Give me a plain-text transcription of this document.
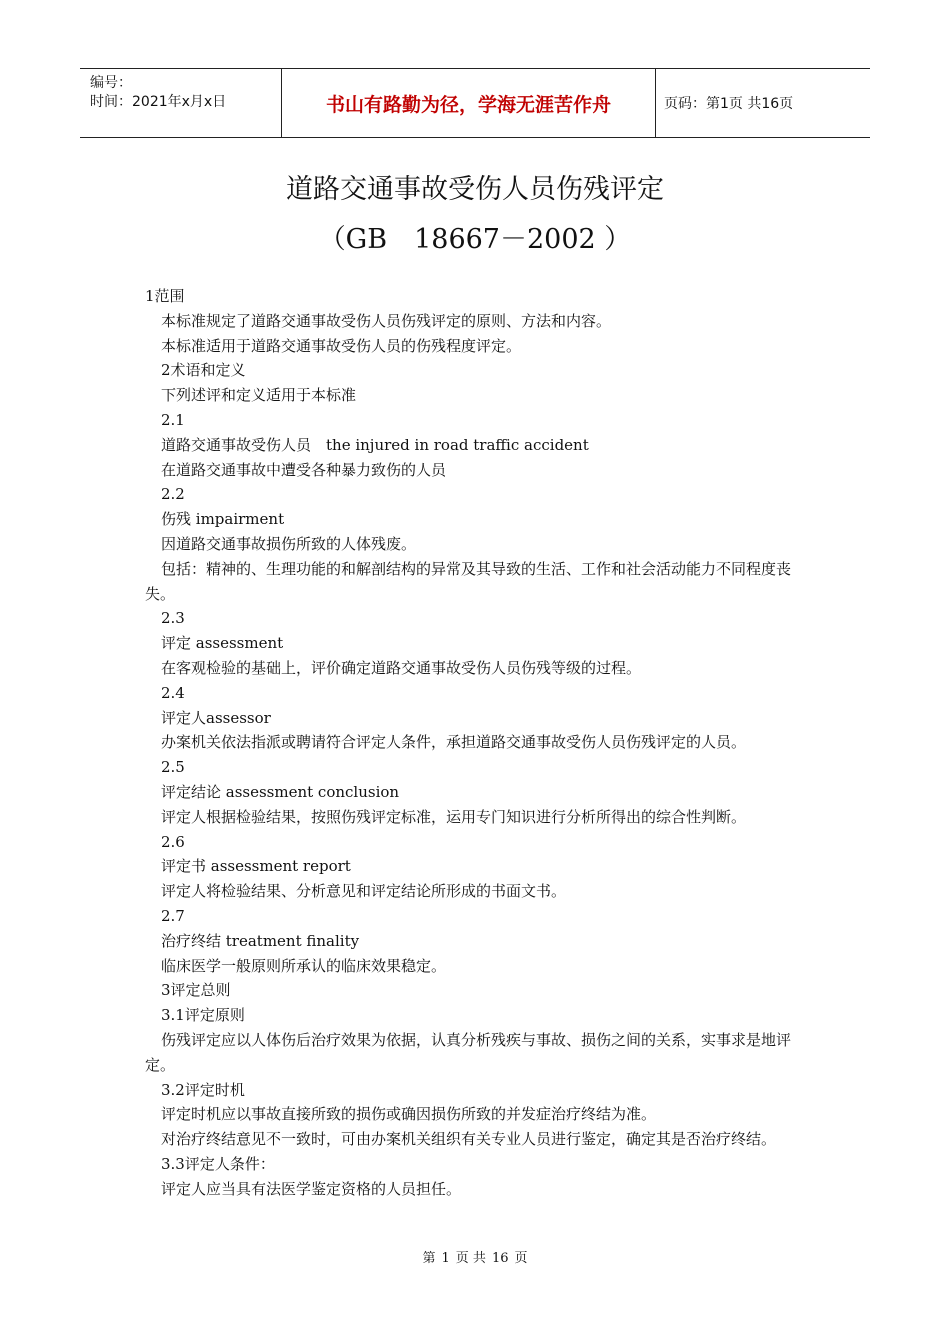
编号：
时间：2021年x月x日	书山有路勤为径，学海无涯苦作舟	页码：第1页 共16页
道路交通事故受伤人员伤残评定
（GB　18667－2002 ）

1范围

本标准规定了道路交通事故受伤人员伤残评定的原则、方法和内容。

本标准适用于道路交通事故受伤人员的伤残程度评定。

2术语和定义

下列述评和定义适用于本标准

2.1

道路交通事故受伤人员　the injured in road traffic accident

在道路交通事故中遭受各种暴力致伤的人员

2.2

伤残 impairment

因道路交通事故损伤所致的人体残废。

包括：精神的、生理功能的和解剖结构的异常及其导致的生活、工作和社会活动能力不同程度丧失。

2.3

评定 assessment

在客观检验的基础上，评价确定道路交通事故受伤人员伤残等级的过程。

2.4

评定人assessor

办案机关依法指派或聘请符合评定人条件，承担道路交通事故受伤人员伤残评定的人员。

2.5

评定结论 assessment conclusion

评定人根据检验结果，按照伤残评定标准，运用专门知识进行分析所得出的综合性判断。

2.6

评定书 assessment report

评定人将检验结果、分析意见和评定结论所形成的书面文书。

2.7

治疗终结 treatment finality

临床医学一般原则所承认的临床效果稳定。

3评定总则

3.1评定原则

伤残评定应以人体伤后治疗效果为依据，认真分析残疾与事故、损伤之间的关系，实事求是地评定。

3.2评定时机

评定时机应以事故直接所致的损伤或确因损伤所致的并发症治疗终结为准。

对治疗终结意见不一致时，可由办案机关组织有关专业人员进行鉴定，确定其是否治疗终结。

3.3评定人条件：

评定人应当具有法医学鉴定资格的人员担任。

第 1 页 共 16 页
